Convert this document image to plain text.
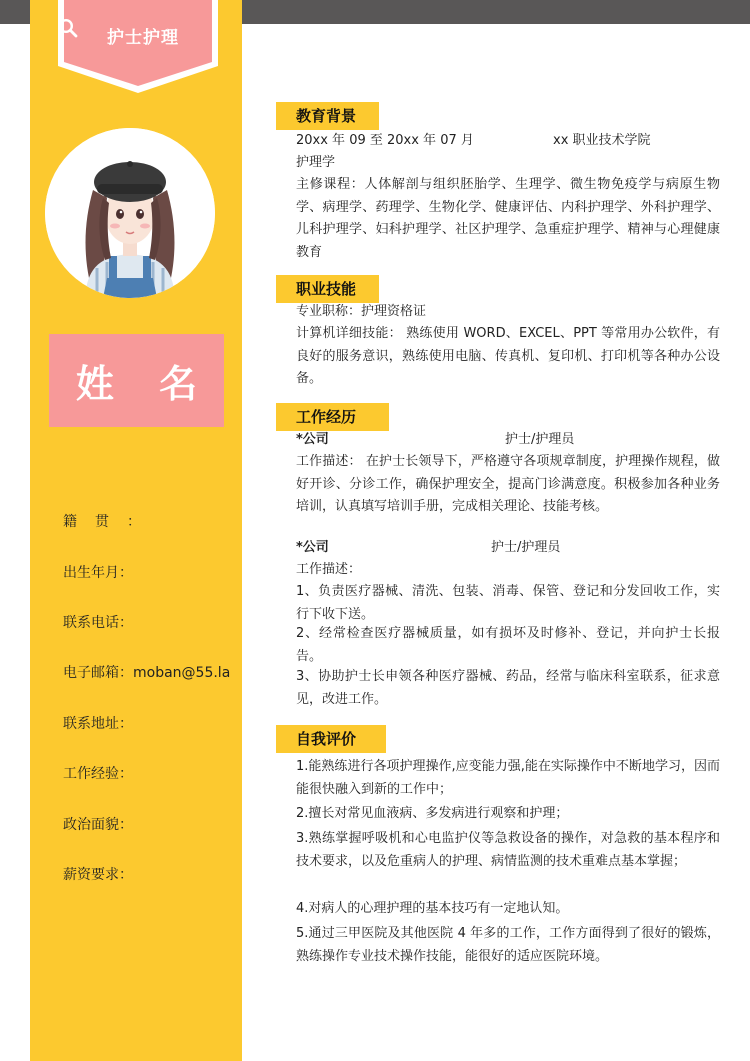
护士护理
姓 名
籍贯：
出生年月：
联系电话：
电子邮箱：moban@55.la
联系地址：
工作经验：
政治面貌：
薪资要求：
教育背景
20xx 年 09 至 20xx 年 07 月	xx 职业技术学院
护理学
主修课程：人体解剖与组织胚胎学、生理学、微生物免疫学与病原生物学、病理学、药理学、生物化学、健康评估、内科护理学、外科护理学、儿科护理学、妇科护理学、社区护理学、急重症护理学、精神与心理健康教育
职业技能
专业职称：护理资格证
计算机详细技能： 熟练使用 WORD、EXCEL、PPT 等常用办公软件，有良好的服务意识，熟练使用电脑、传真机、复印机、打印机等各种办公设备。
工作经历
*公司	护士/护理员
工作描述： 在护士长领导下，严格遵守各项规章制度，护理操作规程，做好开诊、分诊工作，确保护理安全，提高门诊满意度。积极参加各种业务培训，认真填写培训手册，完成相关理论、技能考核。
*公司	护士/护理员
工作描述：
1、负责医疗器械、清洗、包装、消毒、保管、登记和分发回收工作，实行下收下送。
2、经常检查医疗器械质量，如有损坏及时修补、登记，并向护士长报告。
3、协助护士长申领各种医疗器械、药品，经常与临床科室联系，征求意见，改进工作。
自我评价
1.能熟练进行各项护理操作,应变能力强,能在实际操作中不断地学习，因而能很快融入到新的工作中；
2.擅长对常见血液病、多发病进行观察和护理；
3.熟练掌握呼吸机和心电监护仪等急救设备的操作，对急救的基本程序和技术要求，以及危重病人的护理、病情监测的技术重难点基本掌握；
4.对病人的心理护理的基本技巧有一定地认知。
5.通过三甲医院及其他医院 4 年多的工作，工作方面得到了很好的锻炼，熟练操作专业技术操作技能，能很好的适应医院环境。
